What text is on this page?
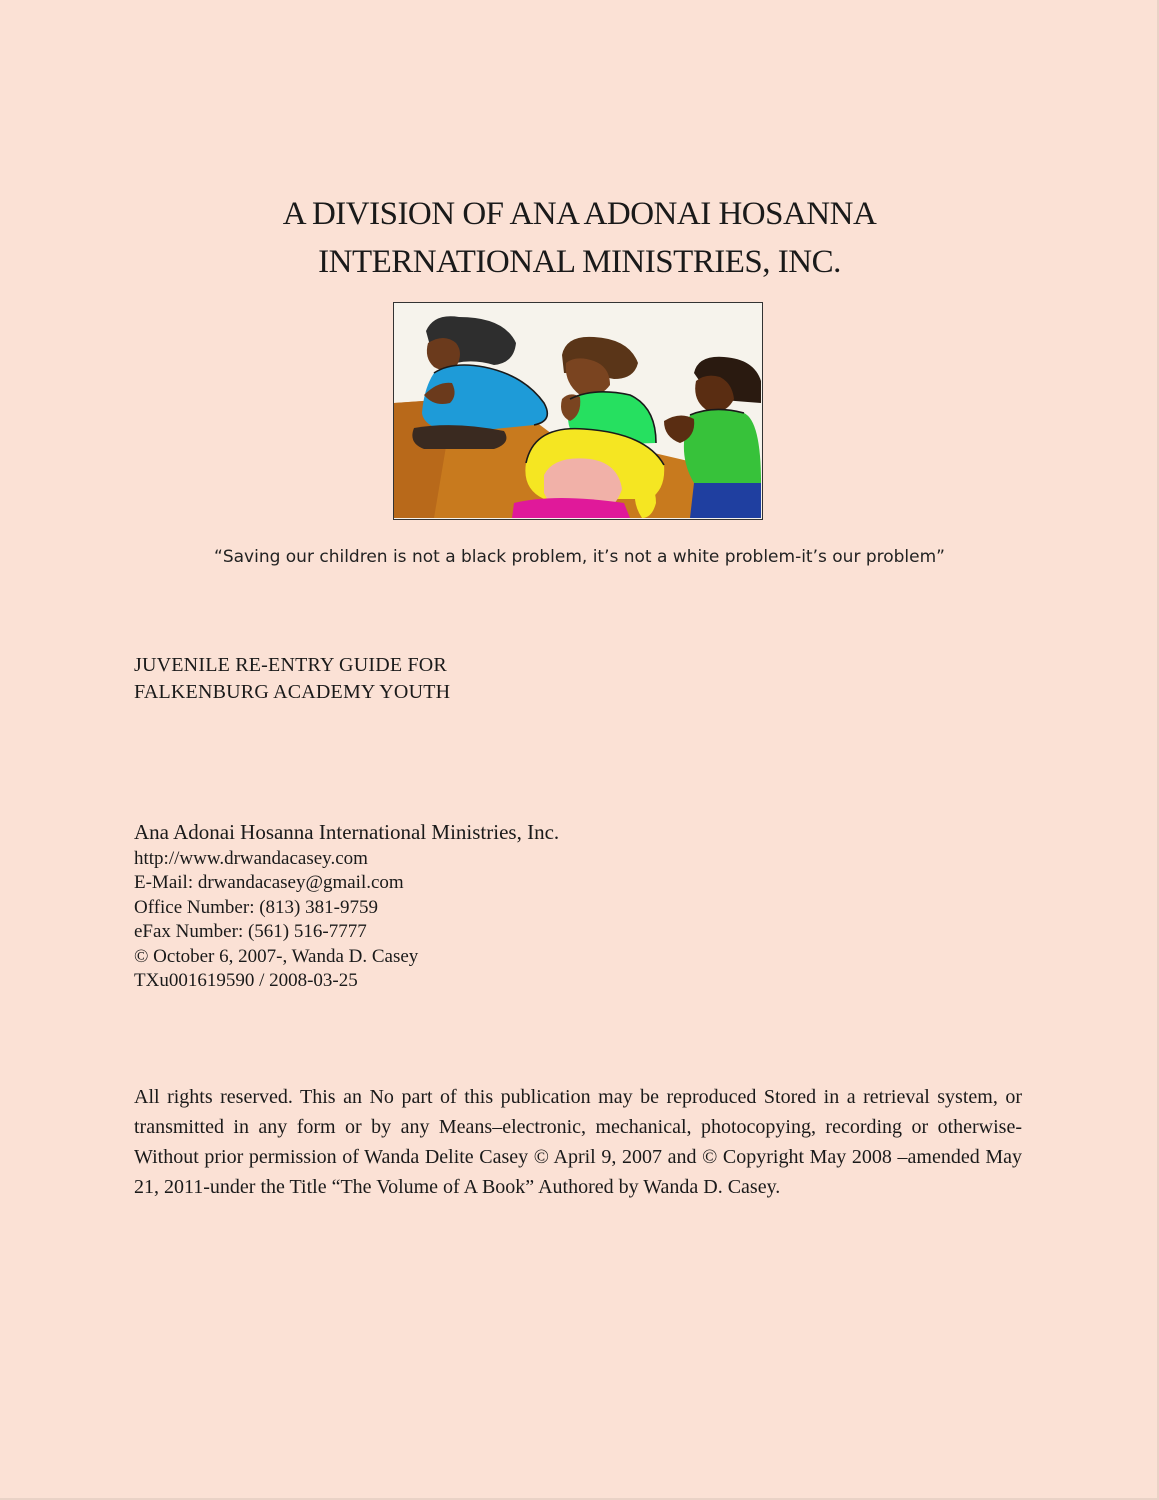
A DIVISION OF ANA ADONAI HOSANNA
INTERNATIONAL MINISTRIES, INC.
“Saving our children is not a black problem, it’s not a white problem-it’s our problem”
JUVENILE RE-ENTRY GUIDE FOR
FALKENBURG ACADEMY YOUTH
Ana Adonai Hosanna International Ministries, Inc.
http://www.drwandacasey.com
E-Mail: drwandacasey@gmail.com
Office Number: (813) 381-9759
eFax Number: (561) 516-7777
© October 6, 2007-, Wanda D. Casey
TXu001619590 / 2008-03-25
All rights reserved. This an No part of this publication may be reproduced Stored in a retrieval system, or transmitted in any form or by any Means–electronic, mechanical, photocopying, recording or otherwise-Without prior permission of Wanda Delite Casey © April 9, 2007 and © Copyright May 2008 –amended May 21, 2011-under the Title “The Volume of A Book” Authored by Wanda D. Casey.
